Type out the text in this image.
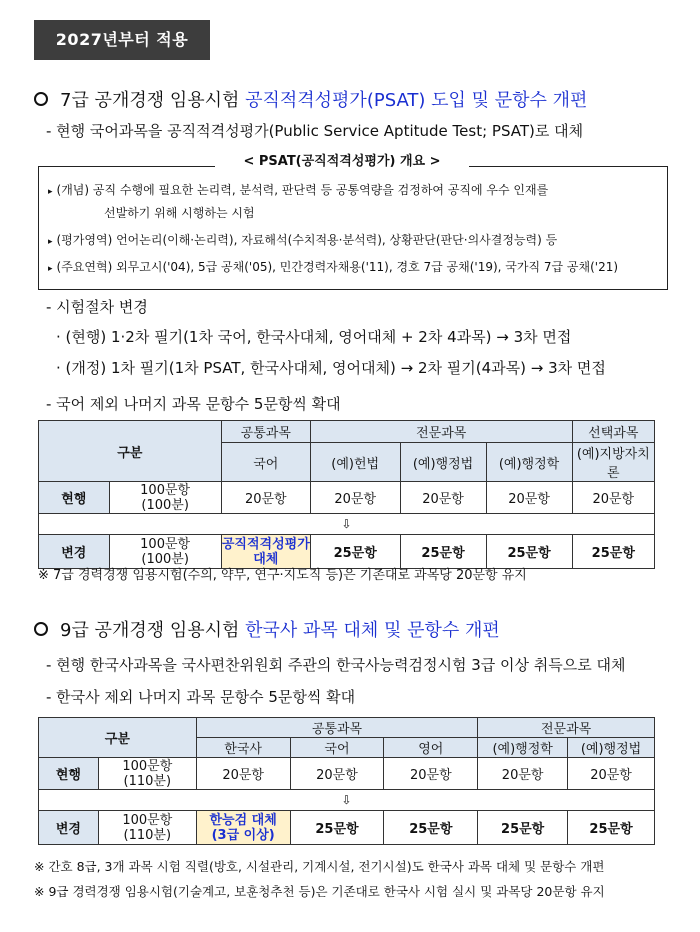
2027년부터 적용
7급 공개경쟁 임용시험 공직적격성평가(PSAT) 도입 및 문항수 개편
- 현행 국어과목을 공직적격성평가(Public Service Aptitude Test; PSAT)로 대체
< PSAT(공직적격성평가) 개요 >
▸ (개념) 공직 수행에 필요한 논리력, 분석력, 판단력 등 공통역량을 검정하여 공직에 우수 인재를
선발하기 위해 시행하는 시험
▸ (평가영역) 언어논리(이해·논리력), 자료해석(수치적용·분석력), 상황판단(판단·의사결정능력) 등
▸ (주요연혁) 외무고시('04), 5급 공채('05), 민간경력자채용('11), 경호 7급 공채('19), 국가직 7급 공채('21)
- 시험절차 변경
· (현행) 1·2차 필기(1차 국어, 한국사대체, 영어대체 + 2차 4과목) → 3차 면접
· (개정) 1차 필기(1차 PSAT, 한국사대체, 영어대체) → 2차 필기(4과목) → 3차 면접
- 국어 제외 나머지 과목 문항수 5문항씩 확대
구분		공통과목	전문과목			선택과목
		국어	(예)헌법	(예)행정법	(예)행정학	(예)지방자치론
현행	100문항
(100분)	20문항	20문항	20문항	20문항	20문항
⇩						
변경	100문항
(100분)	공직적격성평가
대체	25문항	25문항	25문항	25문항
※ 7급 경력경쟁 임용시험(수의, 약무, 연구·지도직 등)은 기존대로 과목당 20문항 유지
9급 공개경쟁 임용시험 한국사 과목 대체 및 문항수 개편
- 현행 한국사과목을 국사편찬위원회 주관의 한국사능력검정시험 3급 이상 취득으로 대체
- 한국사 제외 나머지 과목 문항수 5문항씩 확대
구분		공통과목			전문과목	
		한국사	국어	영어	(예)행정학	(예)행정법
현행	100문항
(110분)	20문항	20문항	20문항	20문항	20문항
⇩						
변경	100문항
(110분)	한능검 대체
(3급 이상)	25문항	25문항	25문항	25문항
※ 간호 8급, 3개 과목 시험 직렬(방호, 시설관리, 기계시설, 전기시설)도 한국사 과목 대체 및 문항수 개편
※ 9급 경력경쟁 임용시험(기술계고, 보훈청추천 등)은 기존대로 한국사 시험 실시 및 과목당 20문항 유지
